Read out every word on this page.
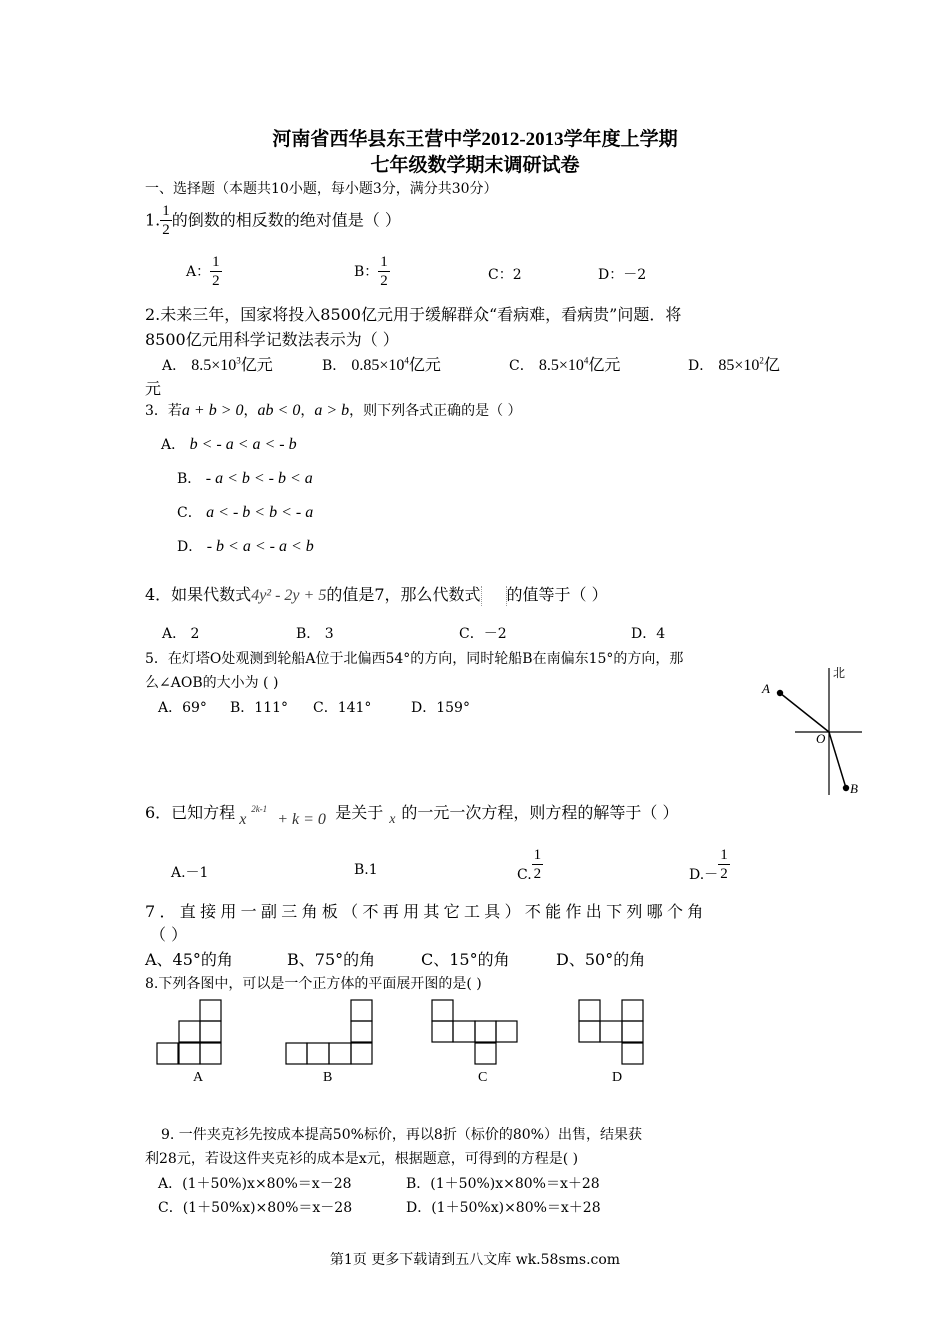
河南省西华县东王营中学2012-2013学年度上学期
七年级数学期末调研试卷
一、选择题（本题共10小题，每小题3分，满分共30分）
1. $\frac{1}{2}$ 的倒数的相反数的绝对值是（ ）
A： $\frac{1}{2}$	B： $\frac{1}{2}$	C：2	D：－2
2.未来三年，国家将投入8500亿元用于缓解群众“看病难，看病贵”问题．将
8500亿元用科学记数法表示为（ ）
A． $8.5\times 10^3$亿元	B． $0.85\times 10^4$亿元	C． $8.5\times 10^4$亿元	D． $85\times 10^2$亿
元
3．若a + b > 0，ab < 0，a > b，则下列各式正确的是（ ）
A． b < - a < a < - b
B． - a < b < - b < a
C． a < - b < b < - a
D． - b < a < - a < b
4．如果代数式4y² - 2y + 5的值是7，那么代数式 的值等于（ ）
A． 2	B． 3	C．－2	D．4
5．在灯塔O处观测到轮船A位于北偏西54°的方向，同时轮船B在南偏东15°的方向，那
么∠AOB的大小为 ( )
A．69° B．111° C．141°	D．159°
北
A
O
B
6．已知方程 x
2k-1
+ k = 0 是关于 x 的一元一次方程，则方程的解等于（ ）
A.－1	B.1	C. $\frac{1}{2}$	$D.- \frac{1}{2}$
7．直接用一副三角板（不再用其它工具）不能作出下列哪个角
（ ）
A、45°的角	B、75°的角	C、15°的角	D、50°的角
8.下列各图中，可以是一个正方体的平面展开图的是( )
A	B	C	D
9. 一件夹克衫先按成本提高50%标价，再以8折（标价的80%）出售，结果获
利28元，若设这件夹克衫的成本是x元，根据题意，可得到的方程是( )
A．(1＋50%)x×80%＝x－28	B．(1＋50%)x×80%＝x＋28
C．(1＋50%x)×80%＝x－28	D．(1＋50%x)×80%＝x＋28
第1页 更多下载请到五八文库 wk.58sms.com
